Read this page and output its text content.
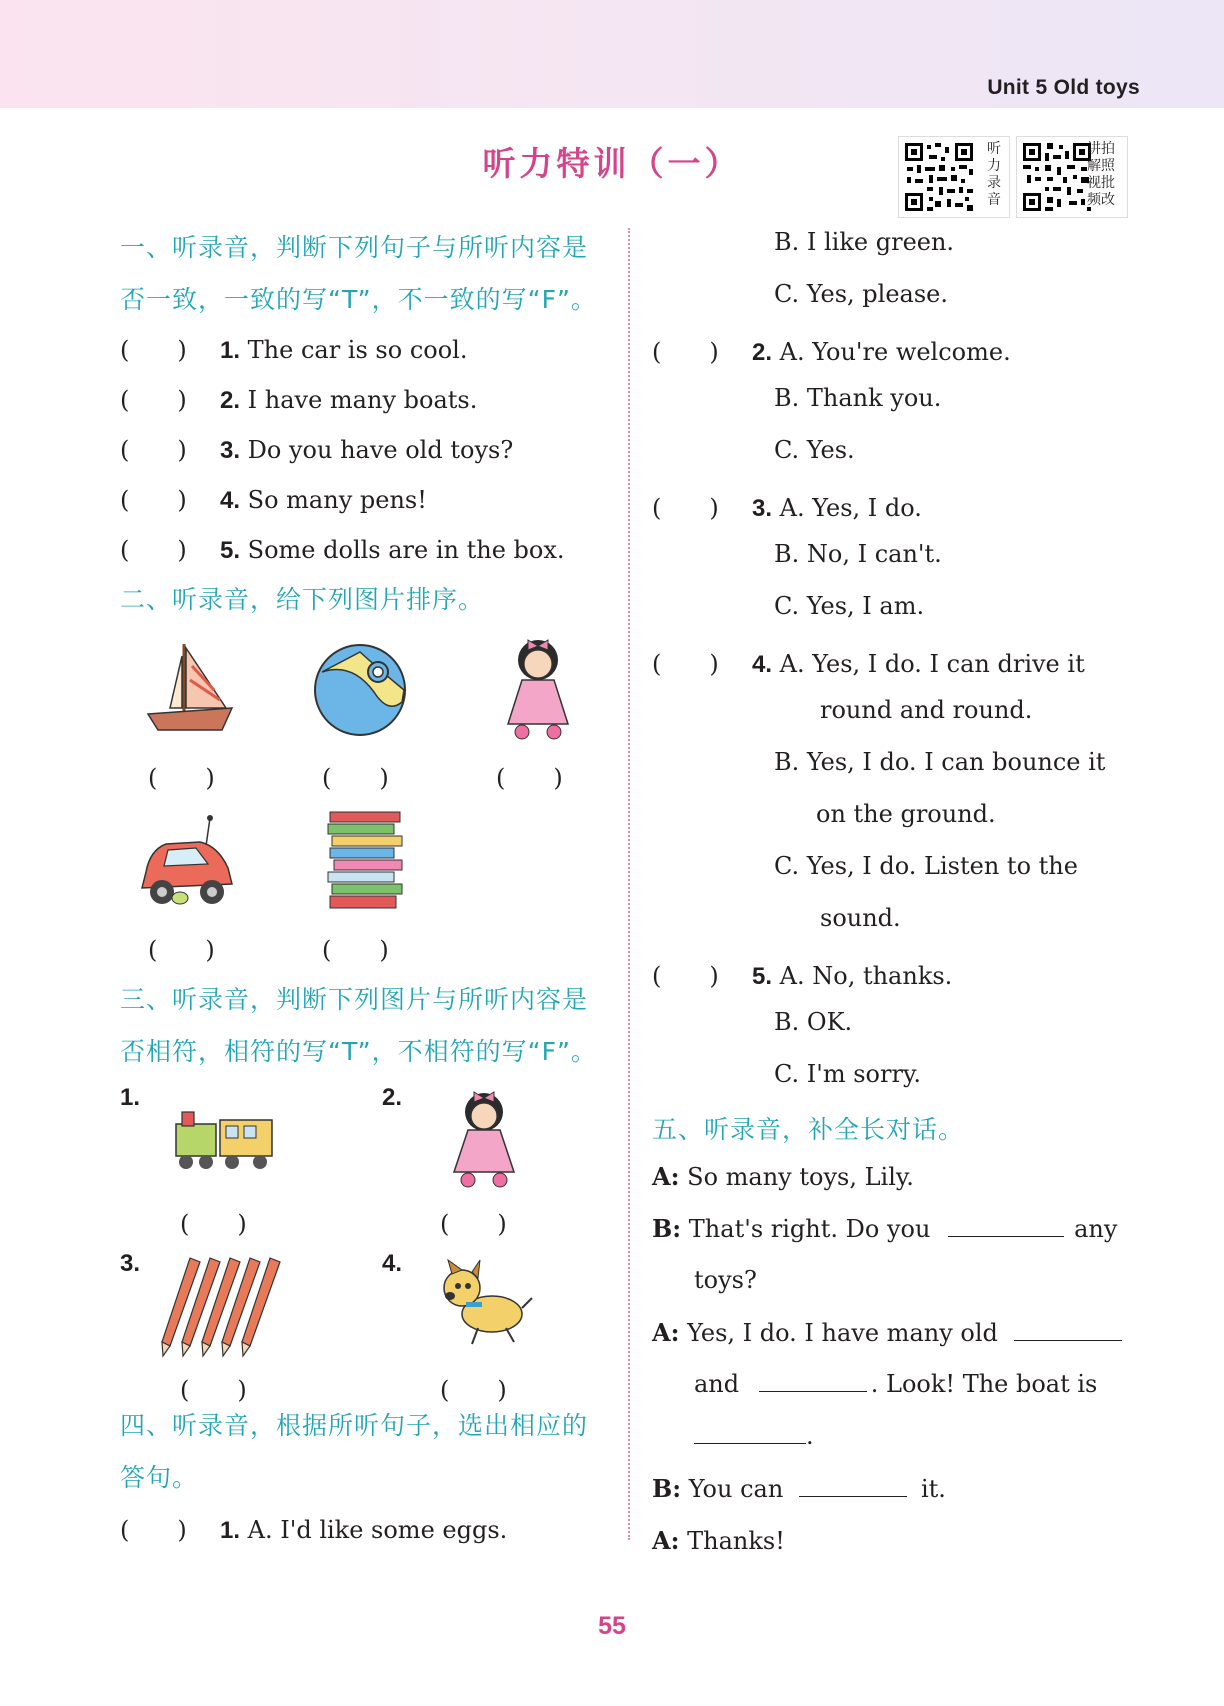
Unit 5 Old toys
听力特训（一）	听力录音
讲拍解照视批频改
一、听录音，判断下列句子与所听内容是
否一致，一致的写“T”，不一致的写“F”。
(　　) 1. The car is so cool.
(　　) 2. I have many boats.
(　　) 3. Do you have old toys?
(　　) 4. So many pens!
(　　) 5. Some dolls are in the box.
二、听录音，给下列图片排序。
(　　)	(　　)	(　　)
(　　)	(　　)
三、听录音，判断下列图片与所听内容是
否相符，相符的写“T”，不相符的写“F”。
1.	2.
(　　)	(　　)
3.	4.
(　　)	(　　)
四、听录音，根据所听句子，选出相应的
答句。
(　　) 1. A. I'd like some eggs.
B. I like green.
C. Yes, please.
(　　) 2. A. You're welcome.
B. Thank you.
C. Yes.
(　　) 3. A. Yes, I do.
B. No, I can't.
C. Yes, I am.
(　　) 4. A. Yes, I do. I can drive it
round and round.
B. Yes, I do. I can bounce it
on the ground.
C. Yes, I do. Listen to the
sound.
(　　) 5. A. No, thanks.
B. OK.
C. I'm sorry.
五、听录音，补全长对话。
A: So many toys, Lily.
B: That's right. Do you	any
toys?
A: Yes, I do. I have many old
and	. Look! The boat is
.
B: You can	it.
A: Thanks!
55
